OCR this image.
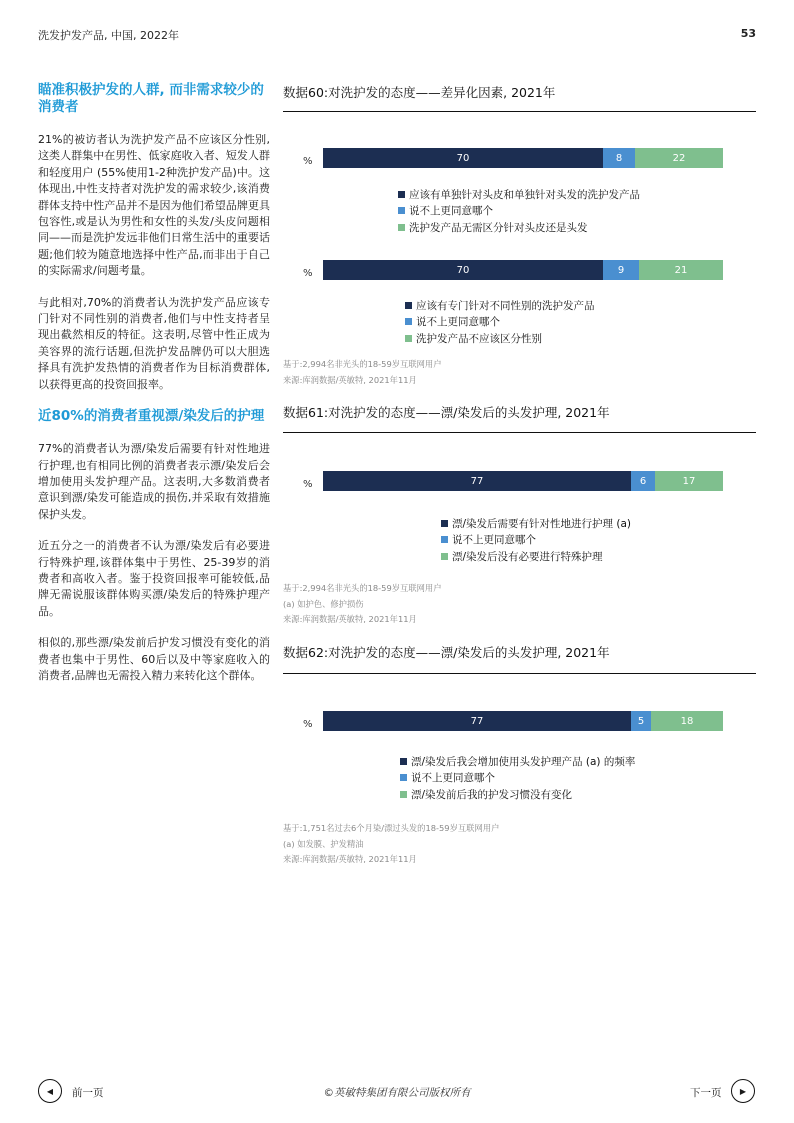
洗发护发产品, 中国, 2022年	53
瞄准积极护发的人群, 而非需求较少的消费者

21%的被访者认为洗护发产品不应该区分性别,这类人群集中在男性、低家庭收入者、短发人群和轻度用户 (55%使用1-2种洗护发产品)中。这体现出,中性支持者对洗护发的需求较少,该消费群体支持中性产品并不是因为他们希望品牌更具包容性,或是认为男性和女性的头发/头皮问题相同——而是洗护发远非他们日常生活中的重要话题;他们较为随意地选择中性产品,而非出于自己的实际需求/问题考量。

与此相对,70%的消费者认为洗护发产品应该专门针对不同性别的消费者,他们与中性支持者呈现出截然相反的特征。这表明,尽管中性正成为美容界的流行话题,但洗护发品牌仍可以大胆选择具有洗护发热情的消费者作为目标消费群体,以获得更高的投资回报率。

近80%的消费者重视漂/染发后的护理

77%的消费者认为漂/染发后需要有针对性地进行护理,也有相同比例的消费者表示漂/染发后会增加使用头发护理产品。这表明,大多数消费者意识到漂/染发可能造成的损伤,并采取有效措施保护头发。

近五分之一的消费者不认为漂/染发后有必要进行特殊护理,该群体集中于男性、25-39岁的消费者和高收入者。鉴于投资回报率可能较低,品牌无需说服该群体购买漂/染发后的特殊护理产品。

相似的,那些漂/染发前后护发习惯没有变化的消费者也集中于男性、60后以及中等家庭收入的消费者,品牌也无需投入精力来转化这个群体。

数据60:对洗护发的态度——差异化因素, 2021年
%	70	8	22
应该有单独针对头皮和单独针对头发的洗护发产品
说不上更同意哪个
洗护发产品无需区分针对头皮还是头发
%	70	9	21
应该有专门针对不同性别的洗护发产品
说不上更同意哪个
洗护发产品不应该区分性别
基于:2,994名非光头的18-59岁互联网用户
来源:库润数据/英敏特, 2021年11月
数据61:对洗护发的态度——漂/染发后的头发护理, 2021年
%	77	6	17
漂/染发后需要有针对性地进行护理 (a)
说不上更同意哪个
漂/染发后没有必要进行特殊护理
基于:2,994名非光头的18-59岁互联网用户
(a) 如护色、修护损伤
来源:库润数据/英敏特, 2021年11月
数据62:对洗护发的态度——漂/染发后的头发护理, 2021年
%	77	5	18
漂/染发后我会增加使用头发护理产品 (a) 的频率
说不上更同意哪个
漂/染发前后我的护发习惯没有变化
基于:1,751名过去6个月染/漂过头发的18-59岁互联网用户
(a) 如发膜、护发精油
来源:库润数据/英敏特, 2021年11月
◀ 前一页	©英敏特集团有限公司版权所有	下一页 ▶
